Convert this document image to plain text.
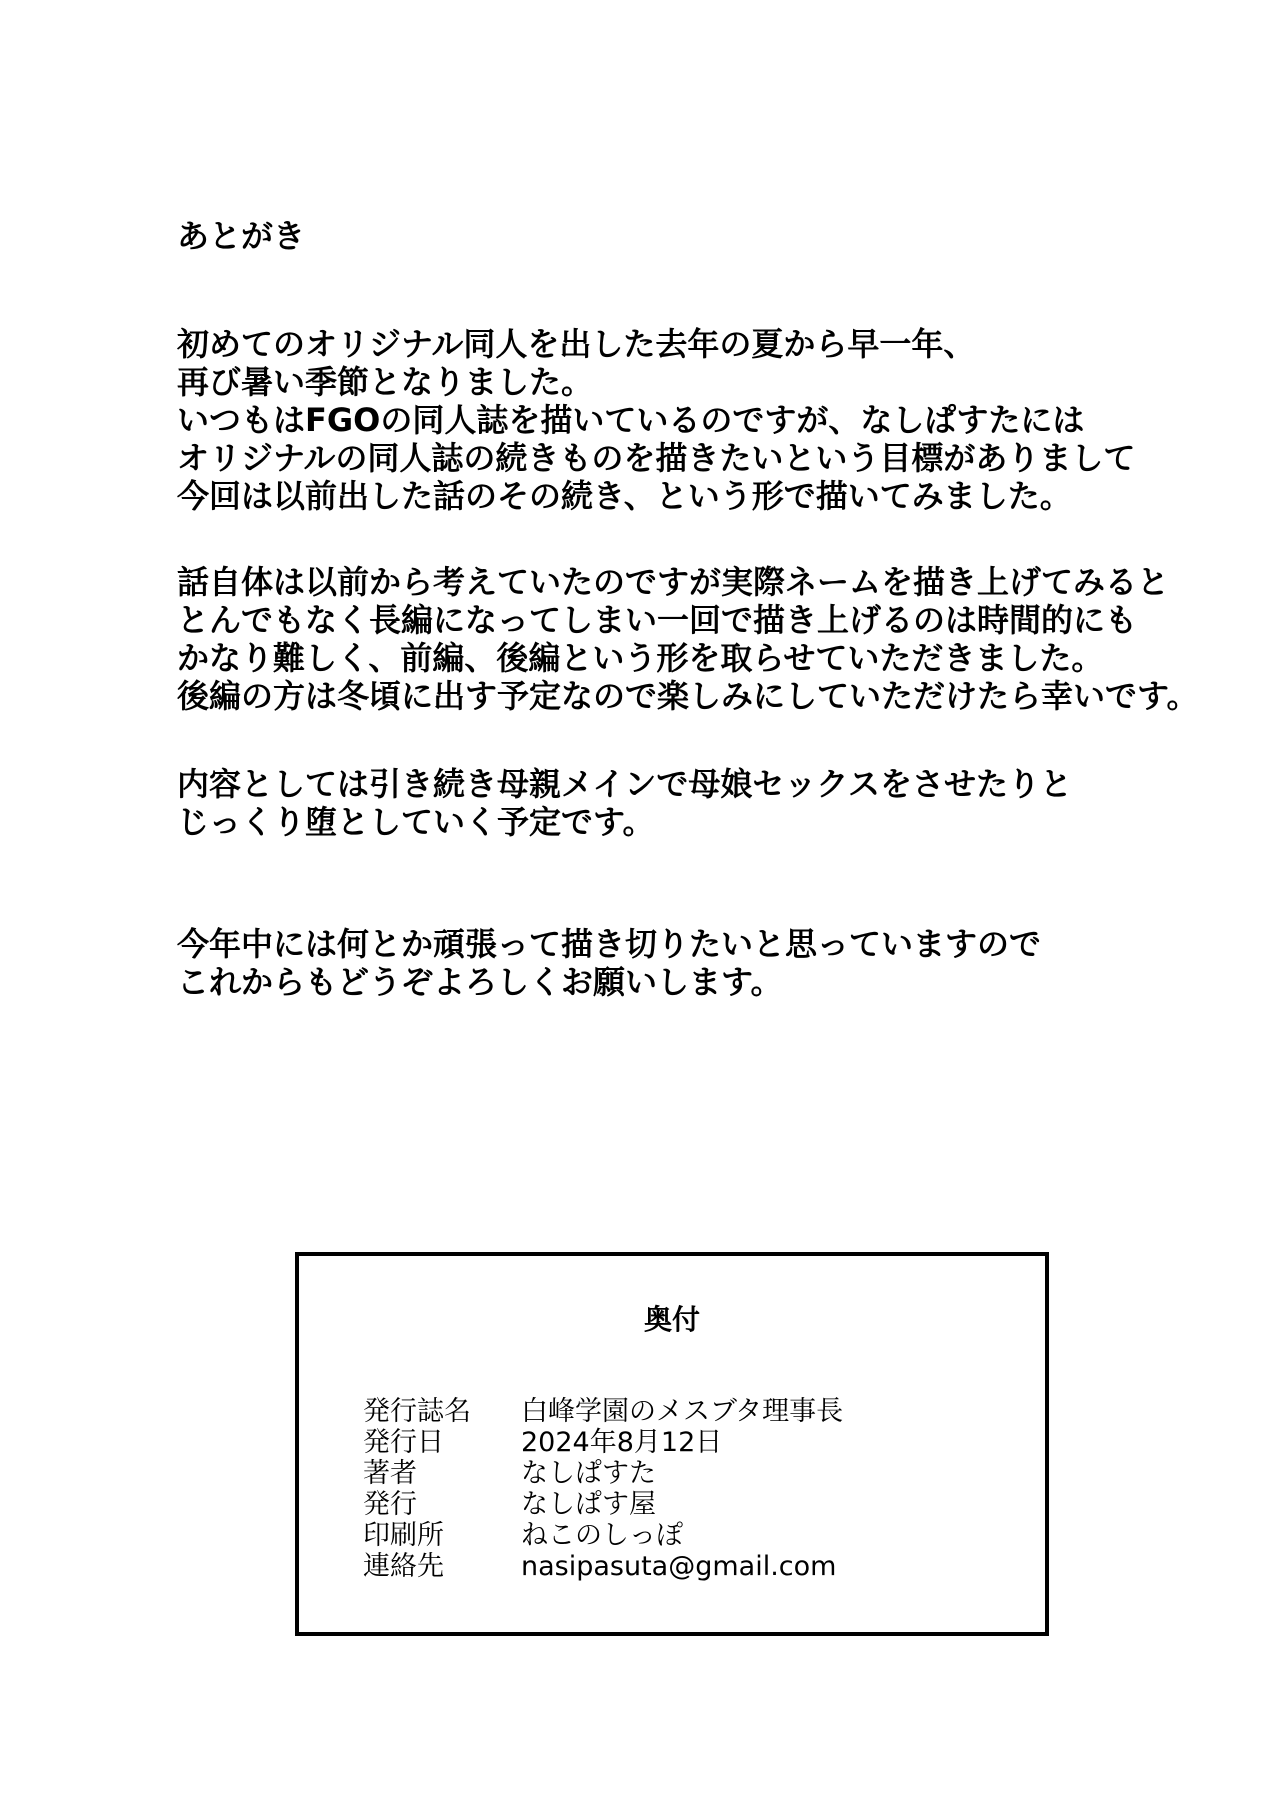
あとがき

初めてのオリジナル同人を出した去年の夏から早一年、
再び暑い季節となりました。
いつもはFGOの同人誌を描いているのですが、なしぱすたには
オリジナルの同人誌の続きものを描きたいという目標がありまして
今回は以前出した話のその続き、という形で描いてみました。

話自体は以前から考えていたのですが実際ネームを描き上げてみると
とんでもなく長編になってしまい一回で描き上げるのは時間的にも
かなり難しく、前編、後編という形を取らせていただきました。
後編の方は冬頃に出す予定なので楽しみにしていただけたら幸いです。

内容としては引き続き母親メインで母娘セックスをさせたりと
じっくり堕としていく予定です。

今年中には何とか頑張って描き切りたいと思っていますので
これからもどうぞよろしくお願いします。

奥付
発行誌名	白峰学園のメスブタ理事長
発行日	2024年8月12日
著者	なしぱすた
発行	なしぱす屋
印刷所	ねこのしっぽ
連絡先	nasipasuta@gmail.com
